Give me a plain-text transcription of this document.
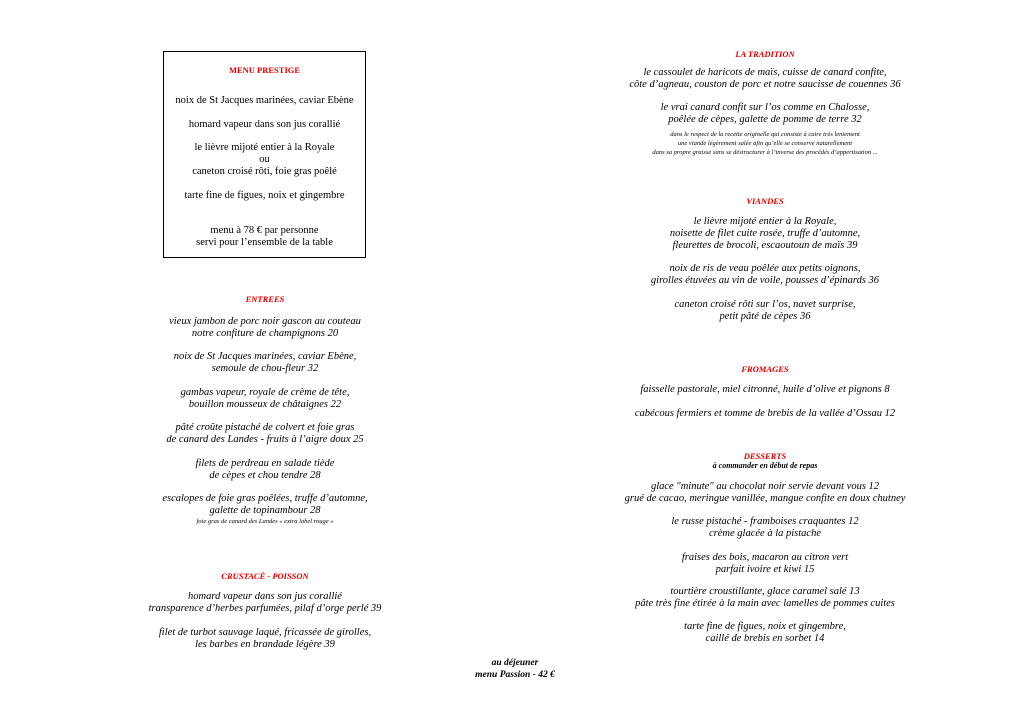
MENU PRESTIGE
noix de St Jacques marinées, caviar Ebène
homard vapeur dans son jus corallié
le lièvre mijoté entier à la Royale
ou
caneton croisé rôti, foie gras poêlé
tarte fine de figues, noix et gingembre
menu à 78 € par personne
servi pour l’ensemble de la table
ENTREES
vieux jambon de porc noir gascon au couteau
notre confiture de champignons 20
noix de St Jacques marinées, caviar Ebène,
semoule de chou-fleur 32
gambas vapeur, royale de crème de tête,
bouillon mousseux de châtaignes 22
pâté croûte pistaché de colvert et foie gras
de canard des Landes - fruits à l’aigre doux 25
filets de perdreau en salade tiède
de cèpes et chou tendre 28
escalopes de foie gras poêlées, truffe d’automne,
galette de topinambour 28
foie gras de canard des Landes « extra label rouge »
CRUSTACÉ - POISSON
homard vapeur dans son jus corallié
transparence d’herbes parfumées, pilaf d’orge perlé 39
filet de turbot sauvage laqué, fricassée de girolles,
les barbes en brandade légère 39
LA TRADITION
le cassoulet de haricots de maïs, cuisse de canard confite,
côte d’agneau, couston de porc et notre saucisse de couennes 36
le vrai canard confit sur l’os comme en Chalosse,
poêlée de cèpes, galette de pomme de terre 32
dans le respect de la recette originelle qui consiste à cuire très lentement
une viande légèrement salée afin qu’elle se conserve naturellement
dans sa propre graisse sans se déstructurer à l’inverse des procédés d’appertisation ...
VIANDES
le lièvre mijoté entier à la Royale,
noisette de filet cuite rosée, truffe d’automne,
fleurettes de brocoli, escaoutoun de maïs 39
noix de ris de veau poêlée aux petits oignons,
girolles étuvées au vin de voile, pousses d’épinards 36
caneton croisé rôti sur l’os, navet surprise,
petit pâté de cèpes 36
FROMAGES
faisselle pastorale, miel citronné, huile d’olive et pignons 8
cabécous fermiers et tomme de brebis de la vallée d’Ossau 12
DESSERTS
à commander en début de repas
glace "minute" au chocolat noir servie devant vous 12
grué de cacao, meringue vanillée, mangue confite en doux chutney
le russe pistaché - framboises craquantes 12
crème glacée à la pistache
fraises des bois, macaron au citron vert
parfait ivoire et kiwi 15
tourtière croustillante, glace caramel salé 13
pâte très fine étirée à la main avec lamelles de pommes cuites
tarte fine de figues, noix et gingembre,
caillé de brebis en sorbet 14
au déjeuner
menu Passion - 42 €
